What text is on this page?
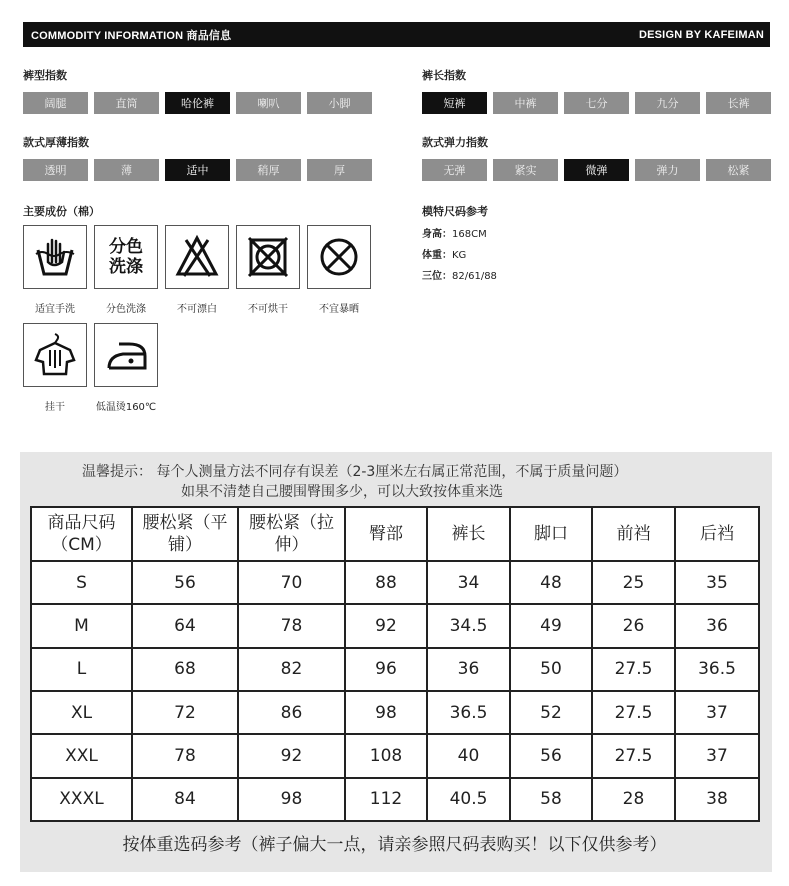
COMMODITY INFORMATION 商品信息	DESIGN BY KAFEIMAN
裤型指数
阔腿	直筒	哈伦裤	喇叭	小脚
裤长指数
短裤	中裤	七分	九分	长裤
款式厚薄指数
透明	薄	适中	稍厚	厚
款式弹力指数
无弹	紧实	微弹	弹力	松紧
主要成份（棉）
分色
洗涤
适宜手洗	分色洗涤	不可漂白	不可烘干	不宜暴晒
挂干	低温烫160℃
模特尺码参考
身高：168CM
体重：KG
三位：82/61/88
温馨提示： 每个人测量方法不同存有误差（2-3厘米左右属正常范围，不属于质量问题）
如果不清楚自己腰围臀围多少，可以大致按体重来选
商品尺码（CM）	腰松紧（平铺）	腰松紧（拉伸）	臀部	裤长	脚口	前裆	后裆
S	56	70	88	34	48	25	35
M	64	78	92	34.5	49	26	36
L	68	82	96	36	50	27.5	36.5
XL	72	86	98	36.5	52	27.5	37
XXL	78	92	108	40	56	27.5	37
XXXL	84	98	112	40.5	58	28	38
按体重选码参考（裤子偏大一点，请亲参照尺码表购买！以下仅供参考）
